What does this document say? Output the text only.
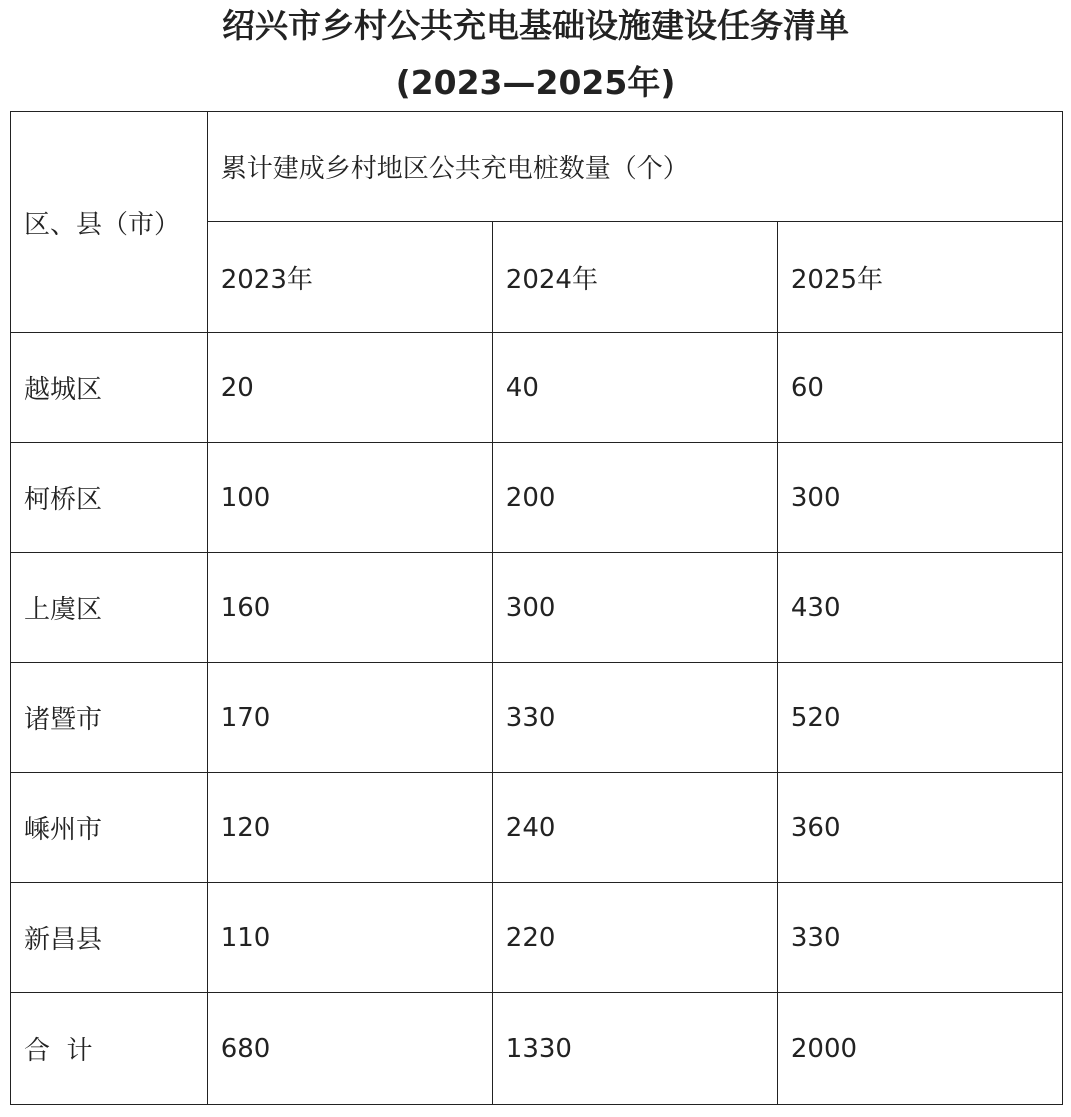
绍兴市乡村公共充电基础设施建设任务清单
(2023—2025年)
区、县（市）	累计建成乡村地区公共充电桩数量（个）		
	2023年	2024年	2025年
越城区	20	40	60
柯桥区	100	200	300
上虞区	160	300	430
诸暨市	170	330	520
嵊州市	120	240	360
新昌县	110	220	330
合  计	680	1330	2000
